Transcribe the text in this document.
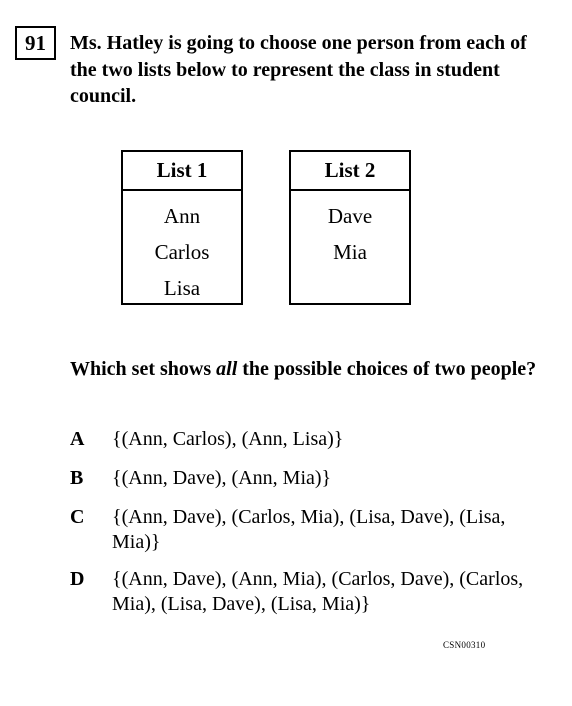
91	Ms. Hatley is going to choose one person from each of the two lists below to represent the class in student council.
List 1
Ann
Carlos
Lisa
List 2
Dave
Mia
Which set shows all the possible choices of two people?
A {(Ann, Carlos), (Ann, Lisa)}
B {(Ann, Dave), (Ann, Mia)}
C {(Ann, Dave), (Carlos, Mia), (Lisa, Dave), (Lisa, Mia)}
D {(Ann, Dave), (Ann, Mia), (Carlos, Dave), (Carlos, Mia), (Lisa, Dave), (Lisa, Mia)}
CSN00310
